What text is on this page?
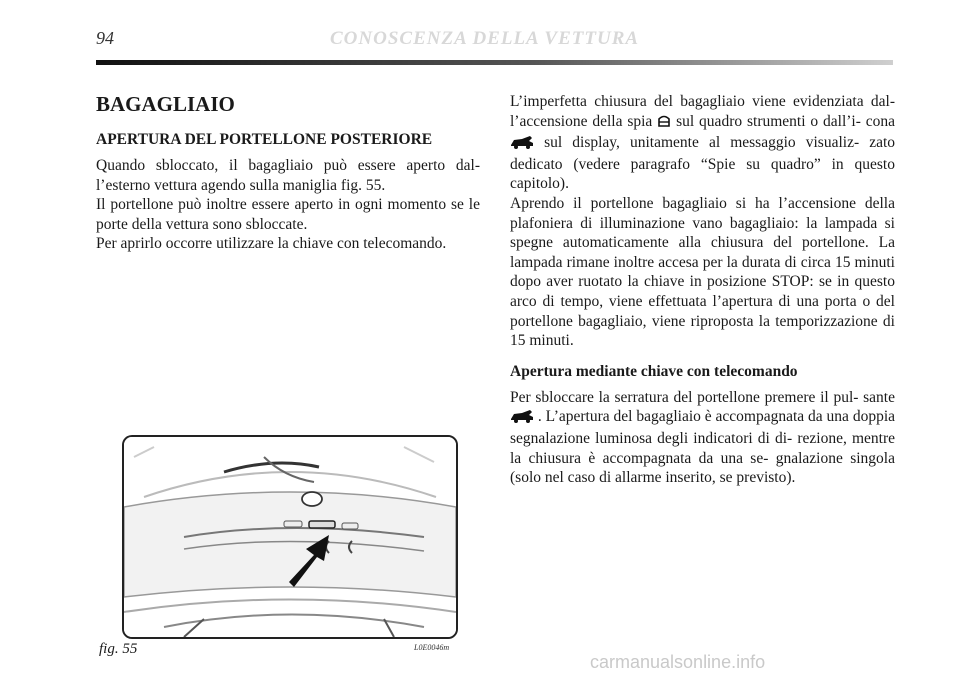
94	CONOSCENZA DELLA VETTURA
BAGAGLIAIO
APERTURA DEL PORTELLONE POSTERIORE

Quando sbloccato, il bagagliaio può essere aperto dal- l’esterno vettura agendo sulla maniglia fig. 55.

Il portellone può inoltre essere aperto in ogni momento se le porte della vettura sono sbloccate.

Per aprirlo occorre utilizzare la chiave con telecomando.

L’imperfetta chiusura del bagagliaio viene evidenziata dal- l’accensione della spia sul quadro strumenti o dall’i- cona  sul display, unitamente al messaggio visualiz- zato dedicato (vedere paragrafo “Spie su quadro” in questo capitolo).

Aprendo il portellone bagagliaio si ha l’accensione della plafoniera di illuminazione vano bagagliaio: la lampada si spegne automaticamente alla chiusura del portellone. La lampada rimane inoltre accesa per la durata di circa 15 minuti dopo aver ruotato la chiave in posizione STOP: se in questo arco di tempo, viene effettuata l’apertura di una porta o del portellone bagagliaio, viene riproposta la temporizzazione di 15 minuti.

Apertura mediante chiave con telecomando

Per sbloccare la serratura del portellone premere il pul- sante  . L’apertura del bagagliaio è accompagnata da una doppia segnalazione luminosa degli indicatori di di- rezione, mentre la chiusura è accompagnata da una se- gnalazione singola (solo nel caso di allarme inserito, se previsto).

fig. 55	L0E0046m
carmanualsonline.info
